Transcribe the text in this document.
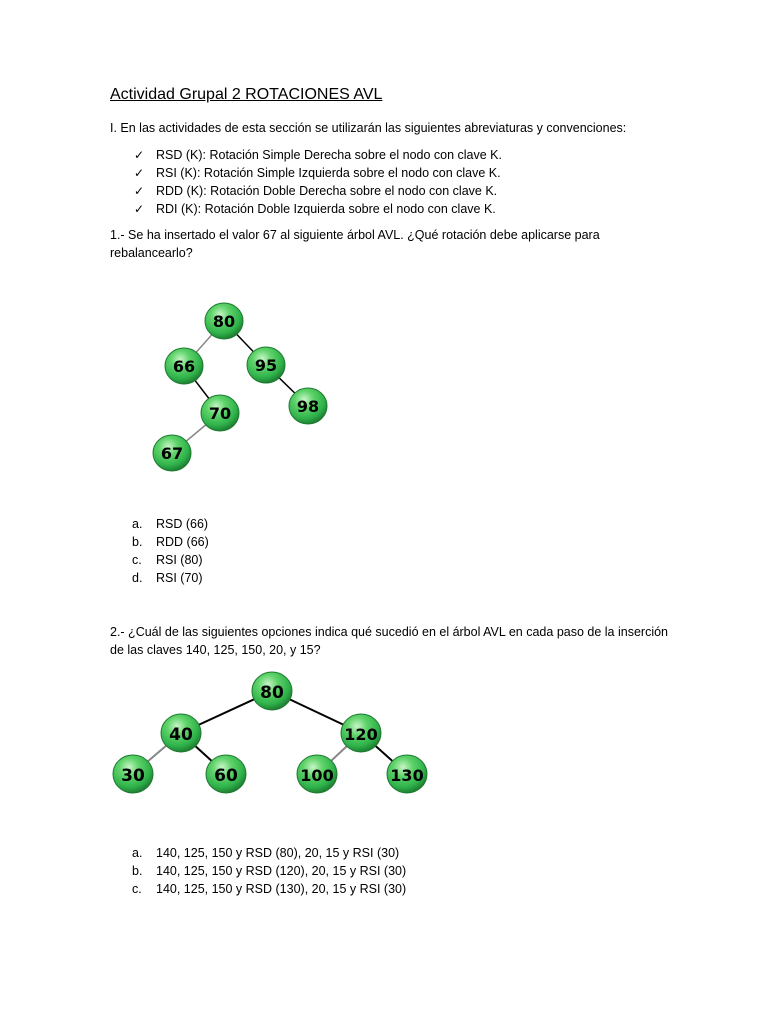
Actividad Grupal 2 ROTACIONES AVL
I. En las actividades de esta sección se utilizarán las siguientes abreviaturas y convenciones:
✓ RSD (K): Rotación Simple Derecha sobre el nodo con clave K.
✓ RSI (K): Rotación Simple Izquierda sobre el nodo con clave K.
✓ RDD (K): Rotación Doble Derecha sobre el nodo con clave K.
✓ RDI (K): Rotación Doble Izquierda sobre el nodo con clave K.
1.- Se ha insertado el valor 67 al siguiente árbol AVL. ¿Qué rotación debe aplicarse para rebalancearlo?
80
66	95
70	98
67
80
40	120
30	60	100	130
a.	RSD (66)
b.	RDD (66)
c.	RSI (80)
d.	RSI (70)
2.- ¿Cuál de las siguientes opciones indica qué sucedió en el árbol AVL en cada paso de la inserción de las claves 140, 125, 150, 20, y 15?
a.	140, 125, 150 y RSD (80), 20, 15 y RSI (30)
b.	140, 125, 150 y RSD (120), 20, 15 y RSI (30)
c.	140, 125, 150 y RSD (130), 20, 15 y RSI (30)
